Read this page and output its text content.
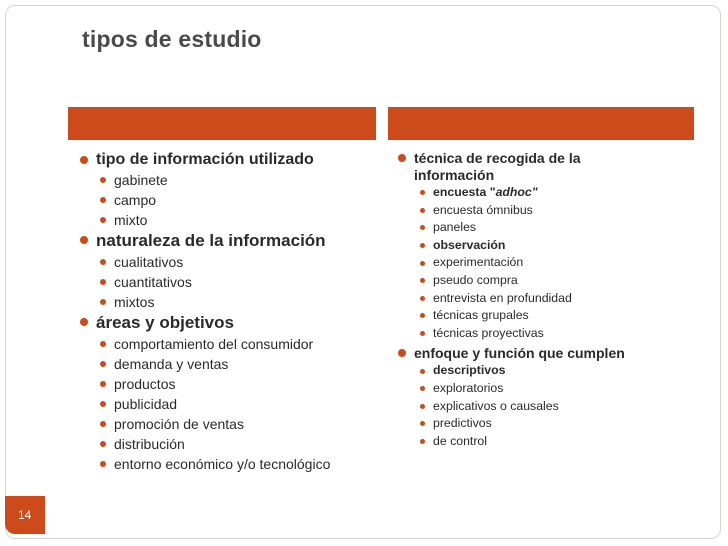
tipos de estudio
tipo de información utilizado
gabinete
campo
mixto
naturaleza de la información
cualitativos
cuantitativos
mixtos
áreas y objetivos
comportamiento del consumidor
demanda y ventas
productos
publicidad
promoción de ventas
distribución
entorno económico y/o tecnológico
técnica de recogida de la información
encuesta " adhoc"
encuesta ómnibus
paneles
observación
experimentación
pseudo compra
entrevista en profundidad
técnicas grupales
técnicas proyectivas
enfoque y función que cumplen
descriptivos
exploratorios
explicativos o causales
predictivos
de control
14
